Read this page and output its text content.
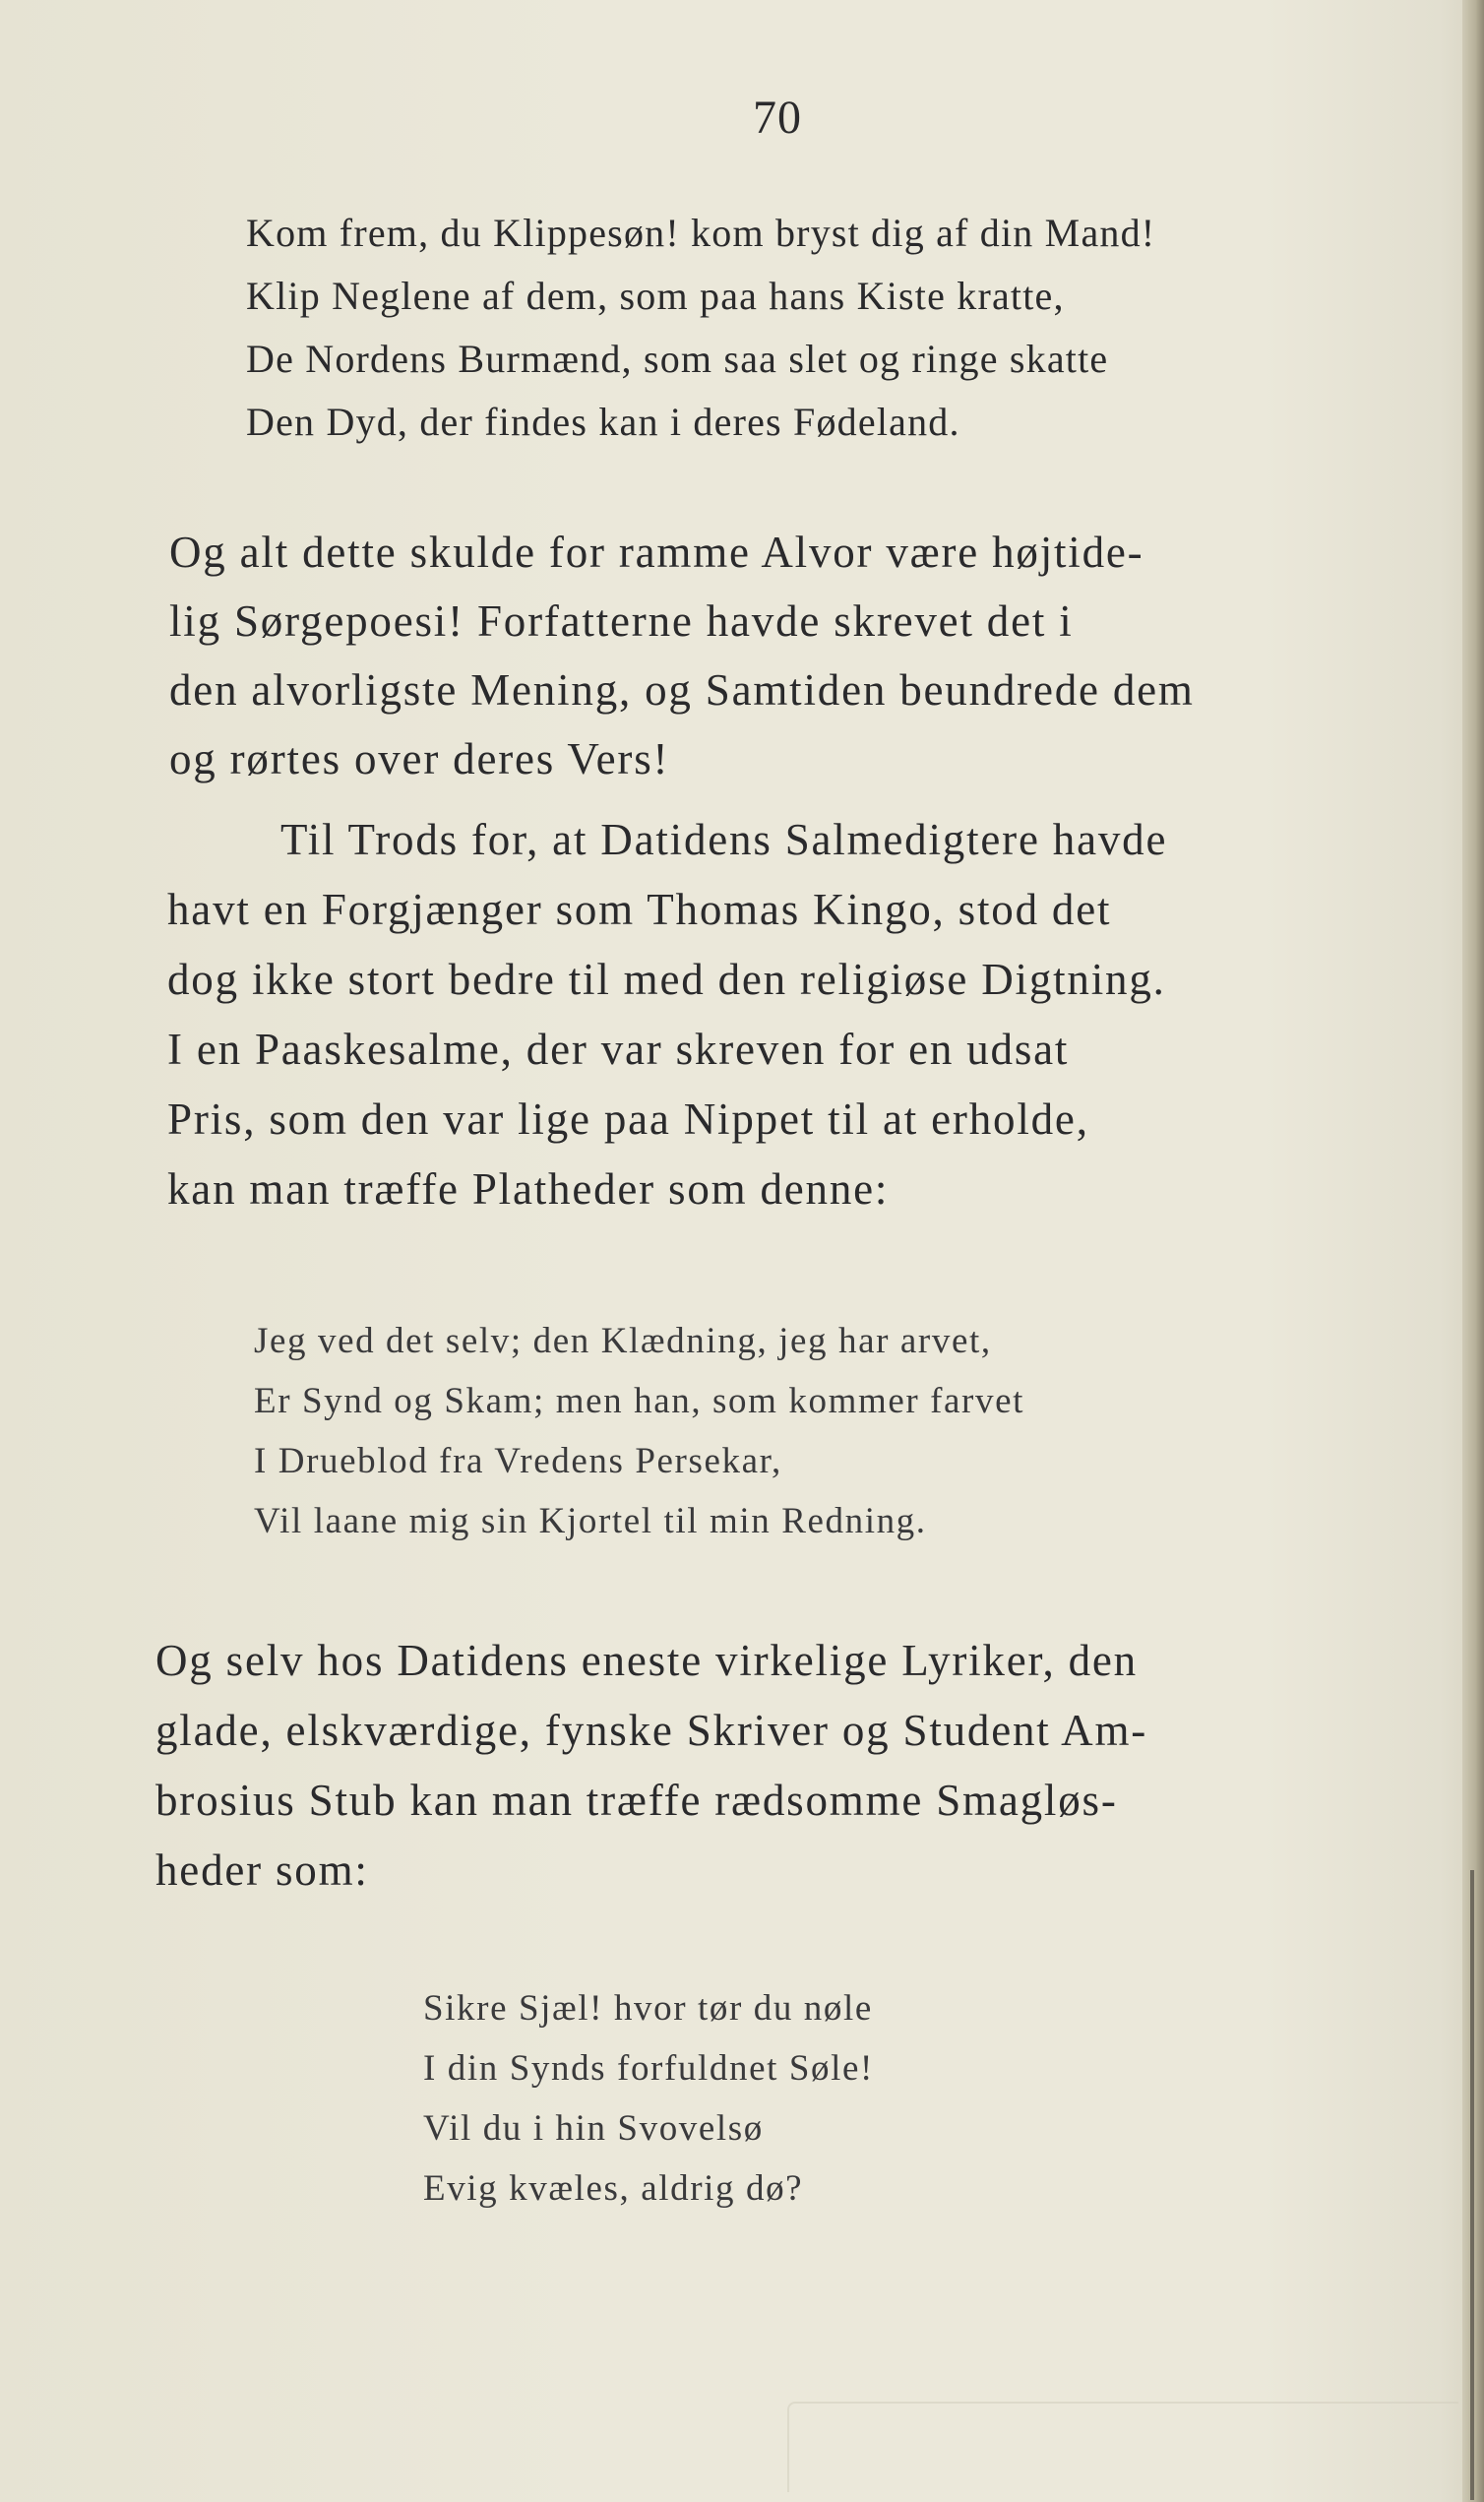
70
Kom frem, du Klippesøn! kom bryst dig af din Mand!
Klip Neglene af dem, som paa hans Kiste kratte,
De Nordens Burmænd, som saa slet og ringe skatte
Den Dyd, der findes kan i deres Fødeland.
Og alt dette skulde for ramme Alvor være højtide-
lig Sørgepoesi! Forfatterne havde skrevet det i
den alvorligste Mening, og Samtiden beundrede dem
og rørtes over deres Vers!
Til Trods for, at Datidens Salmedigtere havde
havt en Forgjænger som Thomas Kingo, stod det
dog ikke stort bedre til med den religiøse Digtning.
I en Paaskesalme, der var skreven for en udsat
Pris, som den var lige paa Nippet til at erholde,
kan man træffe Platheder som denne:
Jeg ved det selv; den Klædning, jeg har arvet,
Er Synd og Skam; men han, som kommer farvet
I Drueblod fra Vredens Persekar,
Vil laane mig sin Kjortel til min Redning.
Og selv hos Datidens eneste virkelige Lyriker, den
glade, elskværdige, fynske Skriver og Student Am-
brosius Stub kan man træffe rædsomme Smagløs-
heder som:
Sikre Sjæl! hvor tør du nøle
I din Synds forfuldnet Søle!
Vil du i hin Svovelsø
Evig kvæles, aldrig dø?
